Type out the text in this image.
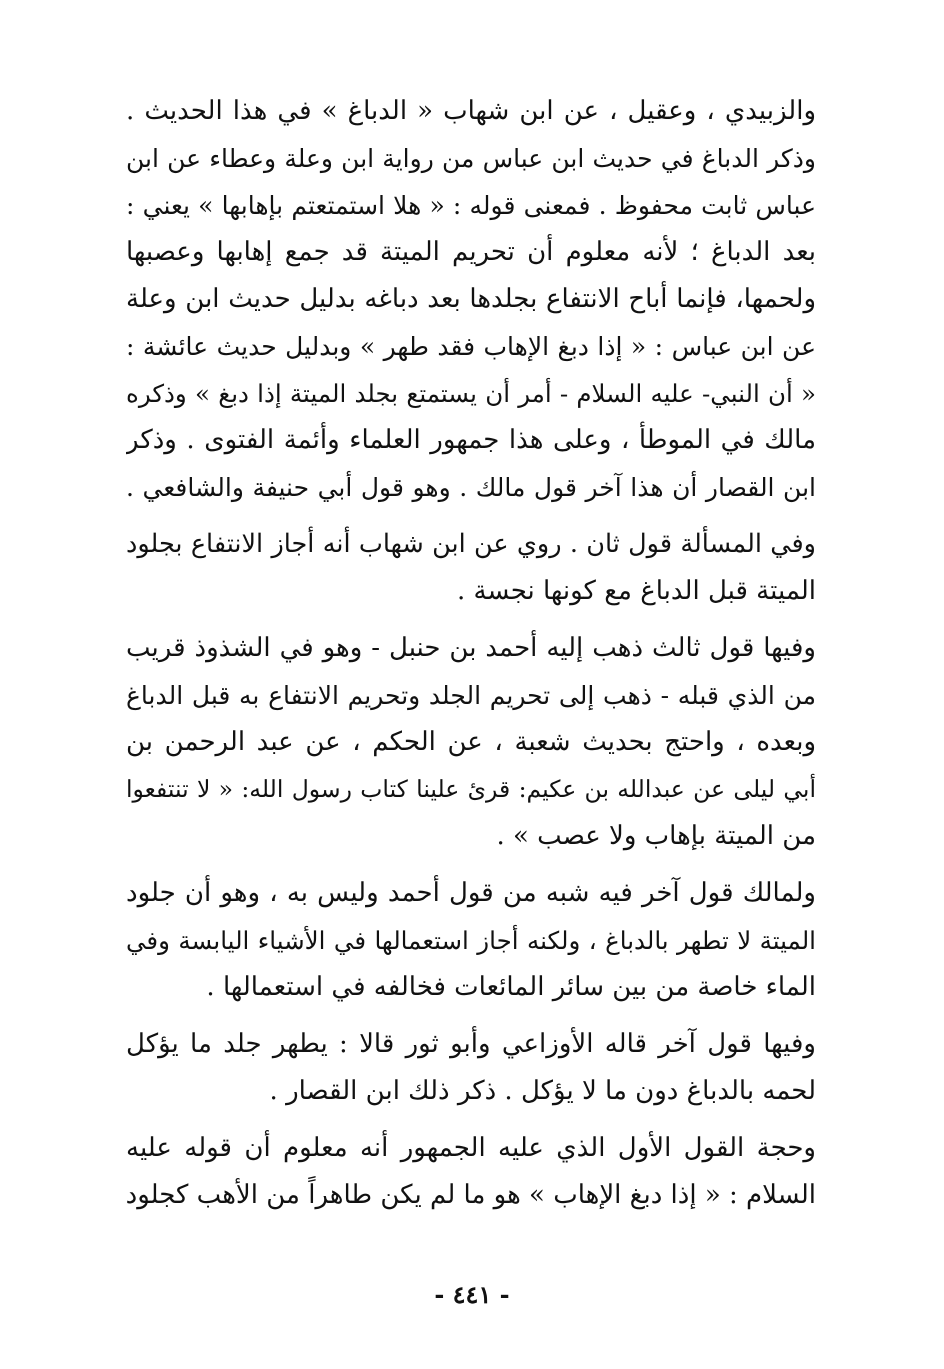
والزبيدي ، وعقيل ، عن ابن شهاب « الدباغ » في هذا الحديث .
وذكر الدباغ في حديث ابن عباس من رواية ابن وعلة وعطاء عن ابن
عباس ثابت محفوظ . فمعنى قوله : « هلا استمتعتم بإهابها » يعني :
بعد الدباغ ؛ لأنه معلوم أن تحريم الميتة قد جمع إهابها وعصبها
ولحمها، فإنما أباح الانتفاع بجلدها بعد دباغه بدليل حديث ابن وعلة
عن ابن عباس : « إذا دبغ الإهاب فقد طهر » وبدليل حديث عائشة :
« أن النبي- عليه السلام - أمر أن يستمتع بجلد الميتة إذا دبغ » وذكره
مالك في الموطأ ، وعلى هذا جمهور العلماء وأئمة الفتوى . وذكر
ابن القصار أن هذا آخر قول مالك . وهو قول أبي حنيفة والشافعي .
وفي المسألة قول ثان . روي عن ابن شهاب أنه أجاز الانتفاع بجلود
الميتة قبل الدباغ مع كونها نجسة .
وفيها قول ثالث ذهب إليه أحمد بن حنبل - وهو في الشذوذ قريب
من الذي قبله - ذهب إلى تحريم الجلد وتحريم الانتفاع به قبل الدباغ
وبعده ، واحتج بحديث شعبة ، عن الحكم ، عن عبد الرحمن بن
أبي ليلى عن عبدالله بن عكيم: قرئ علينا كتاب رسول الله: « لا تنتفعوا
من الميتة بإهاب ولا عصب » .
ولمالك قول آخر فيه شبه من قول أحمد وليس به ، وهو أن جلود
الميتة لا تطهر بالدباغ ، ولكنه أجاز استعمالها في الأشياء اليابسة وفي
الماء خاصة من بين سائر المائعات فخالفه في استعمالها .
وفيها قول آخر قاله الأوزاعي وأبو ثور قالا : يطهر جلد ما يؤكل
لحمه بالدباغ دون ما لا يؤكل . ذكر ذلك ابن القصار .
وحجة القول الأول الذي عليه الجمهور أنه معلوم أن قوله عليه
السلام : « إذا دبغ الإهاب » هو ما لم يكن طاهراً من الأهب كجلود
- ٤٤١ -
